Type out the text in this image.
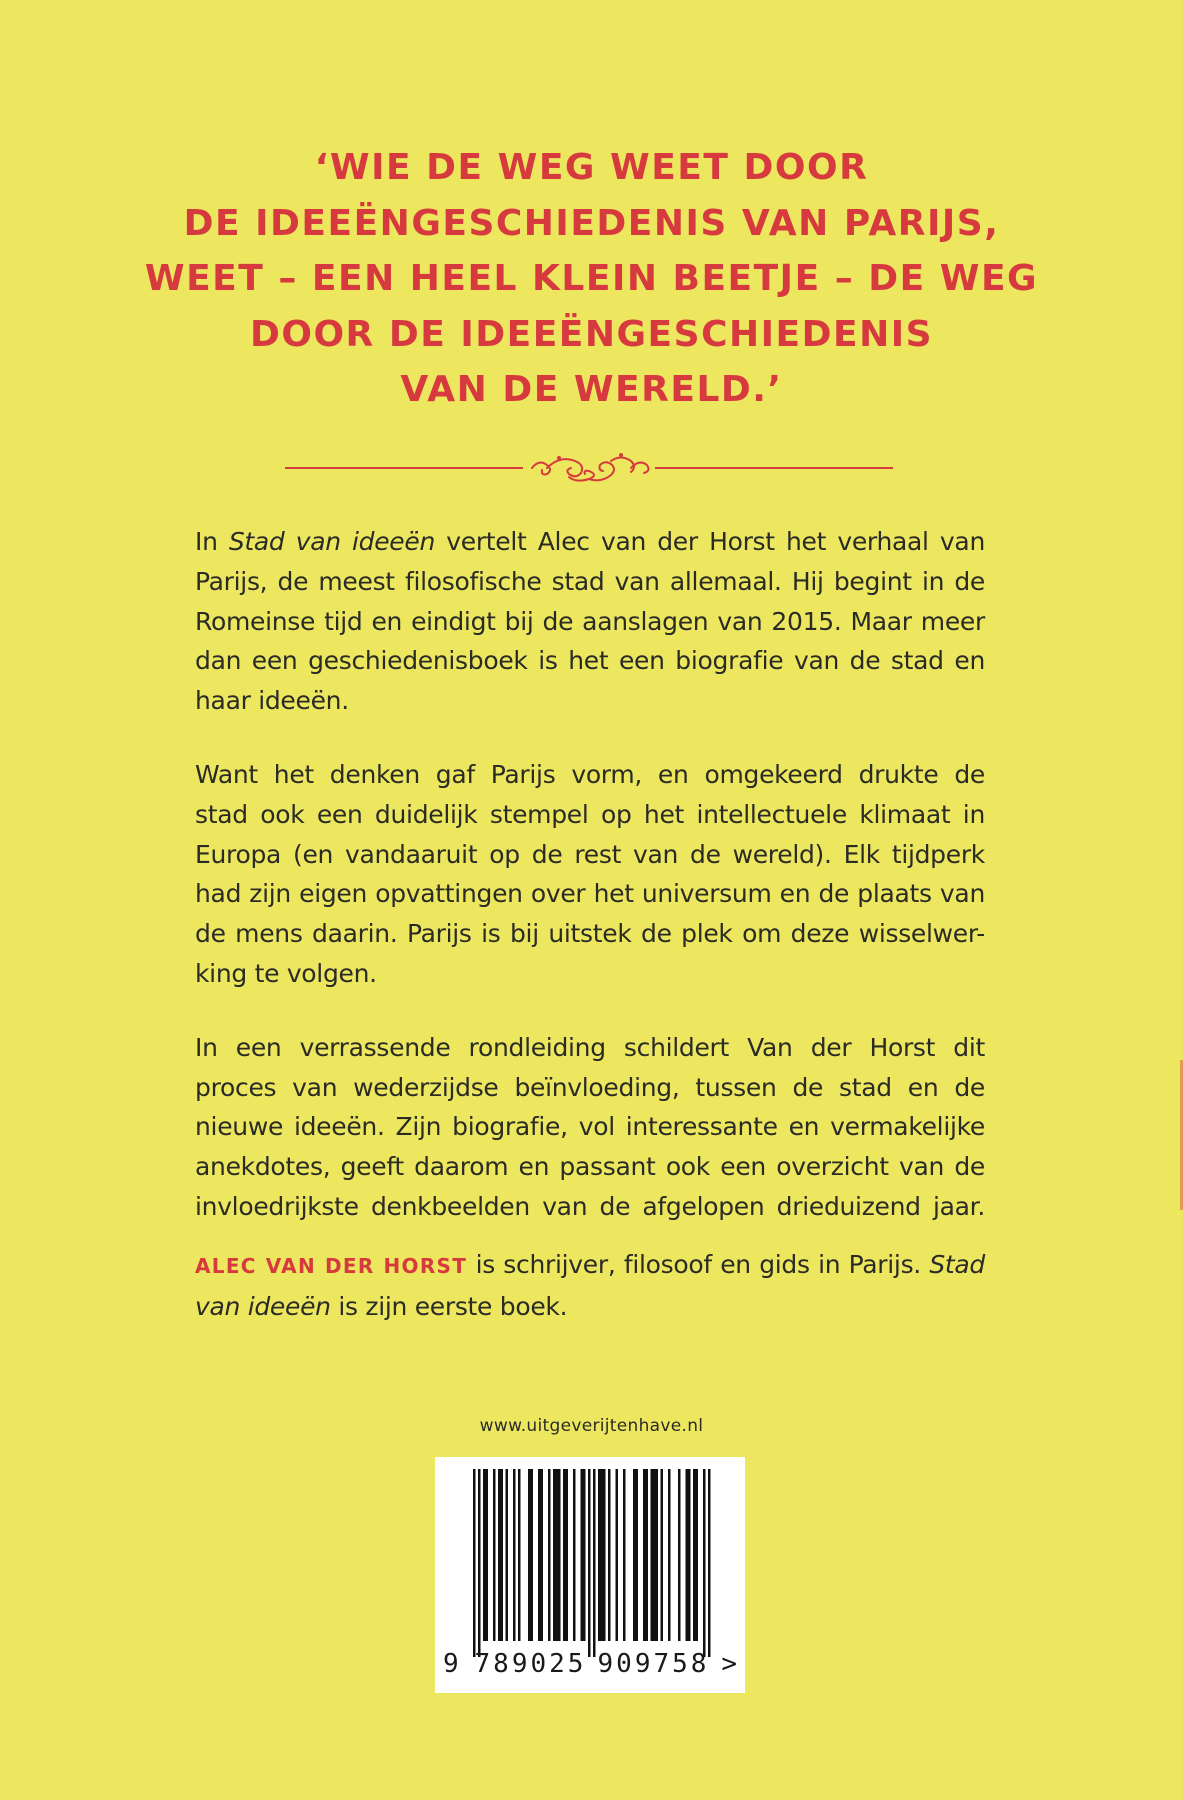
‘WIE DE WEG WEET DOOR
DE IDEEËNGESCHIEDENIS VAN PARIJS,
WEET – EEN HEEL KLEIN BEETJE – DE WEG
DOOR DE IDEEËNGESCHIEDENIS
VAN DE WERELD.’

In Stad van ideeën vertelt Alec van der Horst het verhaal van
Parijs, de meest filosofische stad van allemaal. Hij begint in de
Romeinse tijd en eindigt bij de aanslagen van 2015. Maar meer
dan een geschiedenisboek is het een biografie van de stad en
haar ideeën.

Want het denken gaf Parijs vorm, en omgekeerd drukte de
stad ook een duidelijk stempel op het intellectuele klimaat in
Europa (en vandaaruit op de rest van de wereld). Elk tijdperk
had zijn eigen opvattingen over het universum en de plaats van
de mens daarin. Parijs is bij uitstek de plek om deze wisselwer-
king te volgen.

In een verrassende rondleiding schildert Van der Horst dit
proces van wederzijdse beïnvloeding, tussen de stad en de
nieuwe ideeën. Zijn biografie, vol interessante en vermakelijke
anekdotes, geeft daarom en passant ook een overzicht van de
invloedrijkste denkbeelden van de afgelopen drieduizend jaar.

ALEC VAN DER HORST is schrijver, filosoof en gids in Parijs. Stad
van ideeën is zijn eerste boek.

www.uitgeverijtenhave.nl
9 789025 909758 >
